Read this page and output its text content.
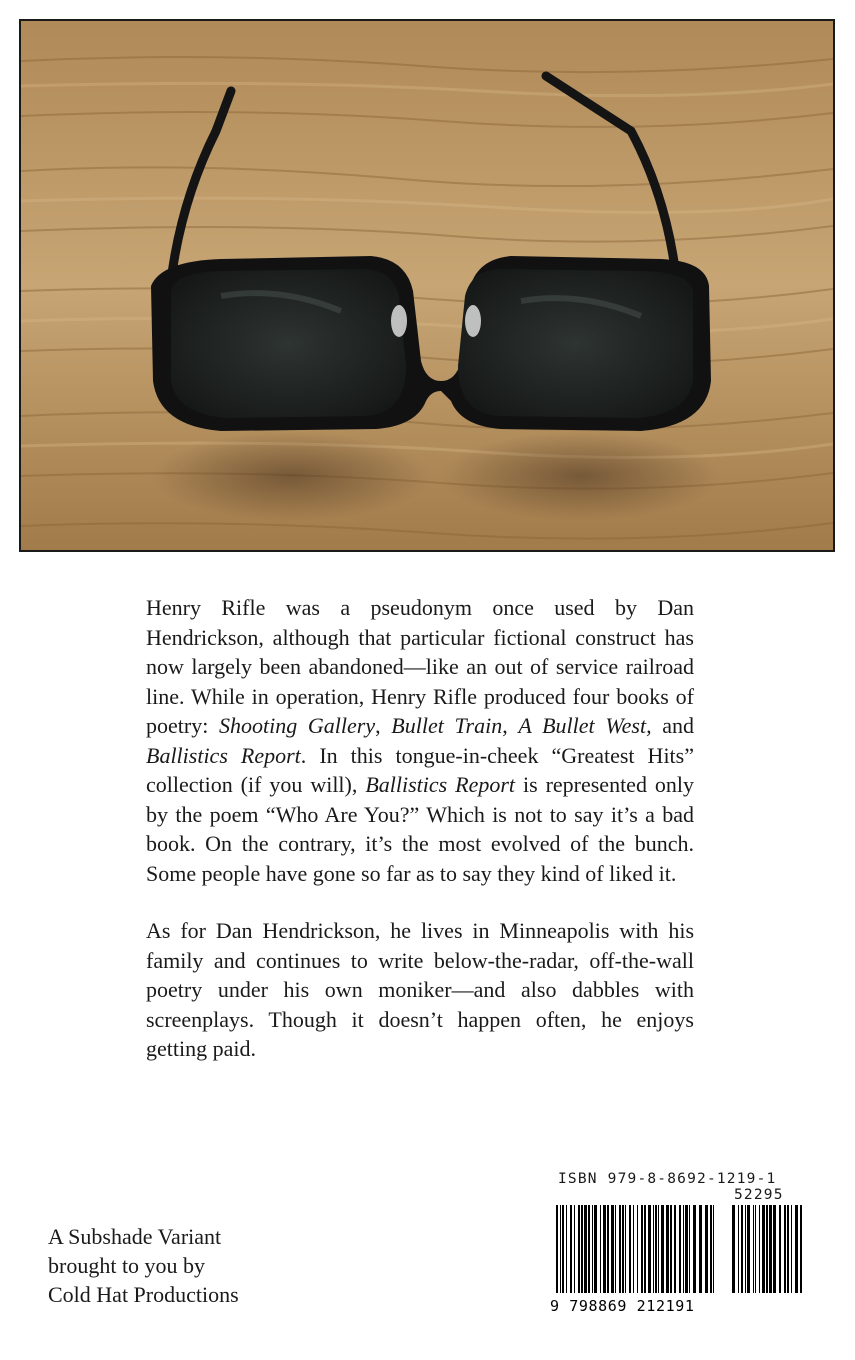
Henry Rifle was a pseudonym once used by Dan Hendrickson, although that particular fictional construct has now largely been abandoned—like an out of service railroad line. While in operation, Henry Rifle produced four books of poetry: Shooting Gallery, Bullet Train, A Bullet West, and Ballistics Report. In this tongue-in-cheek “Greatest Hits” collection (if you will), Ballistics Report is represented only by the poem “Who Are You?” Which is not to say it’s a bad book. On the contrary, it’s the most evolved of the bunch. Some people have gone so far as to say they kind of liked it.

As for Dan Hendrickson, he lives in Minneapolis with his family and continues to write below-the-radar, off-the-wall poetry under his own moniker—and also dabbles with screenplays. Though it doesn’t happen often, he enjoys getting paid.

A Subshade Variant
brought to you by
Cold Hat Productions
ISBN 979-8-8692-1219-1
52295
9 798869 212191
